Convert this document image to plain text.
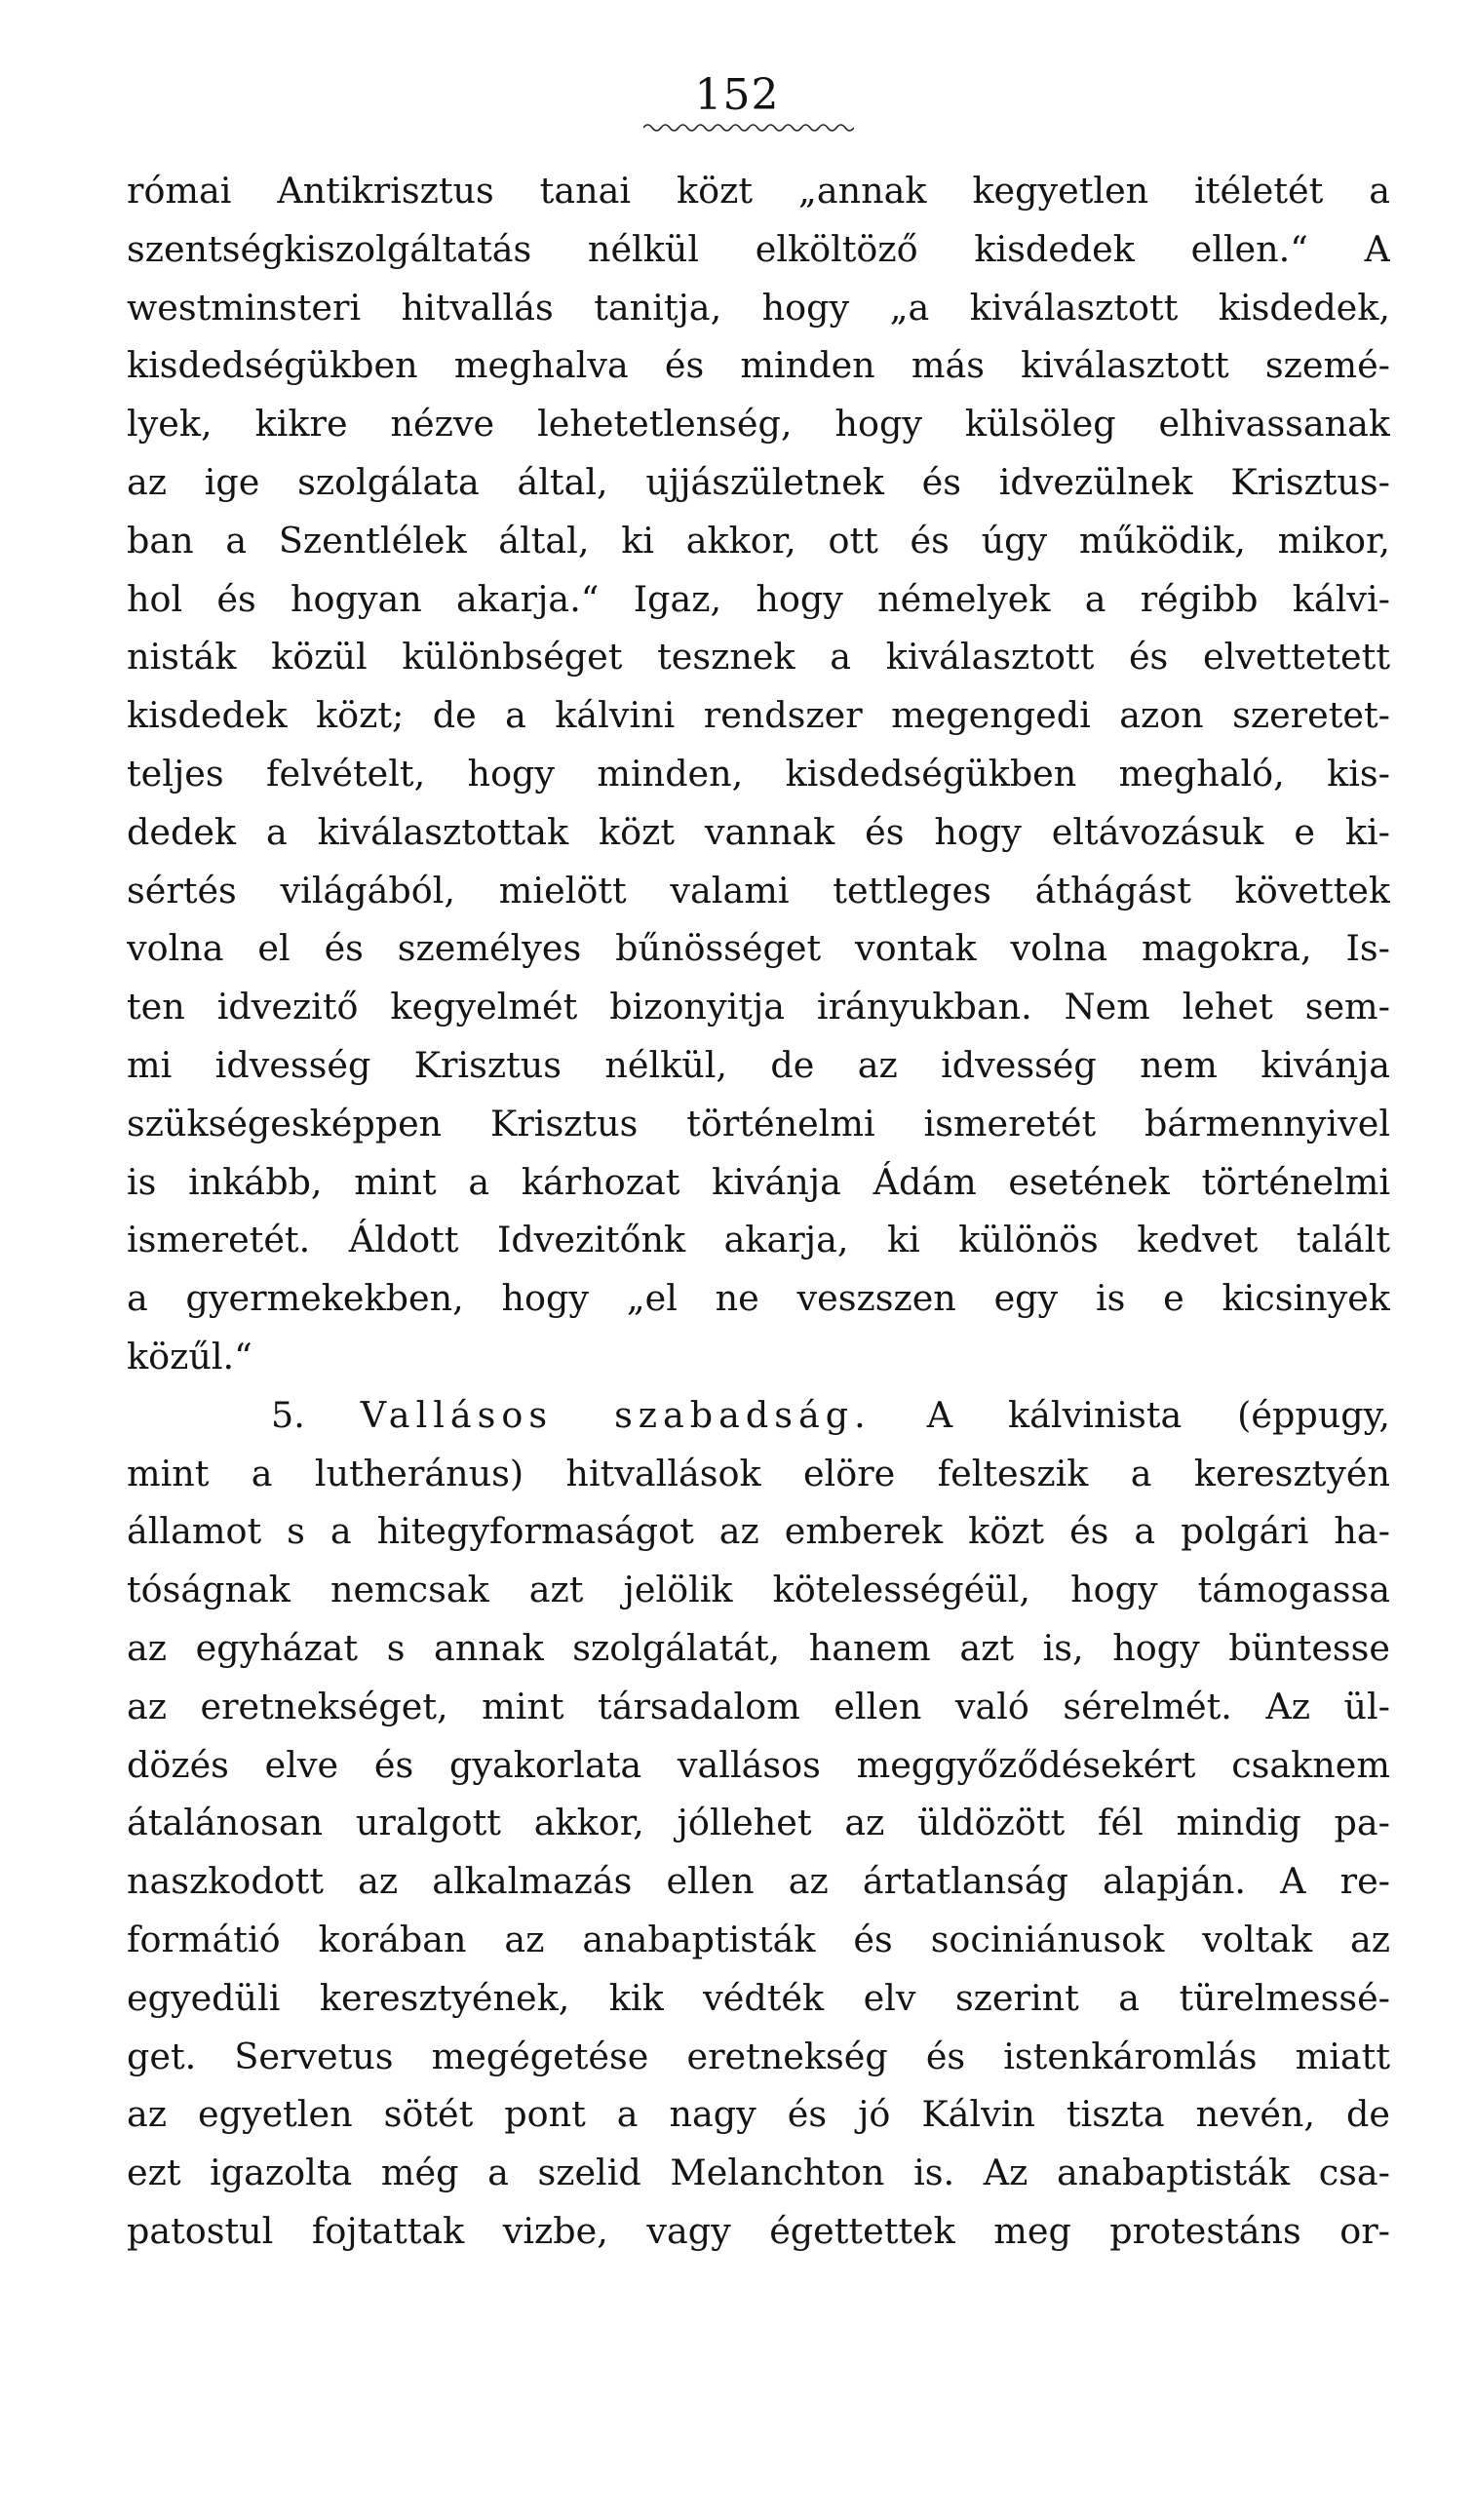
152
római Antikrisztus tanai közt „annak kegyetlen itéletét a
szentségkiszolgáltatás nélkül elköltöző kisdedek ellen.“ A
westminsteri hitvallás tanitja, hogy „a kiválasztott kisdedek,
kisdedségükben meghalva és minden más kiválasztott szemé-
lyek, kikre nézve lehetetlenség, hogy külsöleg elhivassanak
az ige szolgálata által, ujjászületnek és idvezülnek Krisztus-
ban a Szentlélek által, ki akkor, ott és úgy működik, mikor,
hol és hogyan akarja.“ Igaz, hogy némelyek a régibb kálvi-
nisták közül különbséget tesznek a kiválasztott és elvettetett
kisdedek közt; de a kálvini rendszer megengedi azon szeretet-
teljes felvételt, hogy minden, kisdedségükben meghaló, kis-
dedek a kiválasztottak közt vannak és hogy eltávozásuk e ki-
sértés világából, mielött valami tettleges áthágást követtek
volna el és személyes bűnösséget vontak volna magokra, Is-
ten idvezitő kegyelmét bizonyitja irányukban. Nem lehet sem-
mi idvesség Krisztus nélkül, de az idvesség nem kivánja
szükségesképpen Krisztus történelmi ismeretét bármennyivel
is inkább, mint a kárhozat kivánja Ádám esetének történelmi
ismeretét. Áldott Idvezitőnk akarja, ki különös kedvet talált
a gyermekekben, hogy „el ne veszszen egy is e kicsinyek
közűl.“
5. Vallásos szabadság. A kálvinista (éppugy,
mint a lutheránus) hitvallások elöre felteszik a keresztyén
államot s a hitegyformaságot az emberek közt és a polgári ha-
tóságnak nemcsak azt jelölik kötelességéül, hogy támogassa
az egyházat s annak szolgálatát, hanem azt is, hogy büntesse
az eretnekséget, mint társadalom ellen való sérelmét. Az ül-
dözés elve és gyakorlata vallásos meggyőződésekért csaknem
átalánosan uralgott akkor, jóllehet az üldözött fél mindig pa-
naszkodott az alkalmazás ellen az ártatlanság alapján. A re-
formátió korában az anabaptisták és sociniánusok voltak az
egyedüli keresztyének, kik védték elv szerint a türelmessé-
get. Servetus megégetése eretnekség és istenkáromlás miatt
az egyetlen sötét pont a nagy és jó Kálvin tiszta nevén, de
ezt igazolta még a szelid Melanchton is. Az anabaptisták csa-
patostul fojtattak vizbe, vagy égettettek meg protestáns or-
